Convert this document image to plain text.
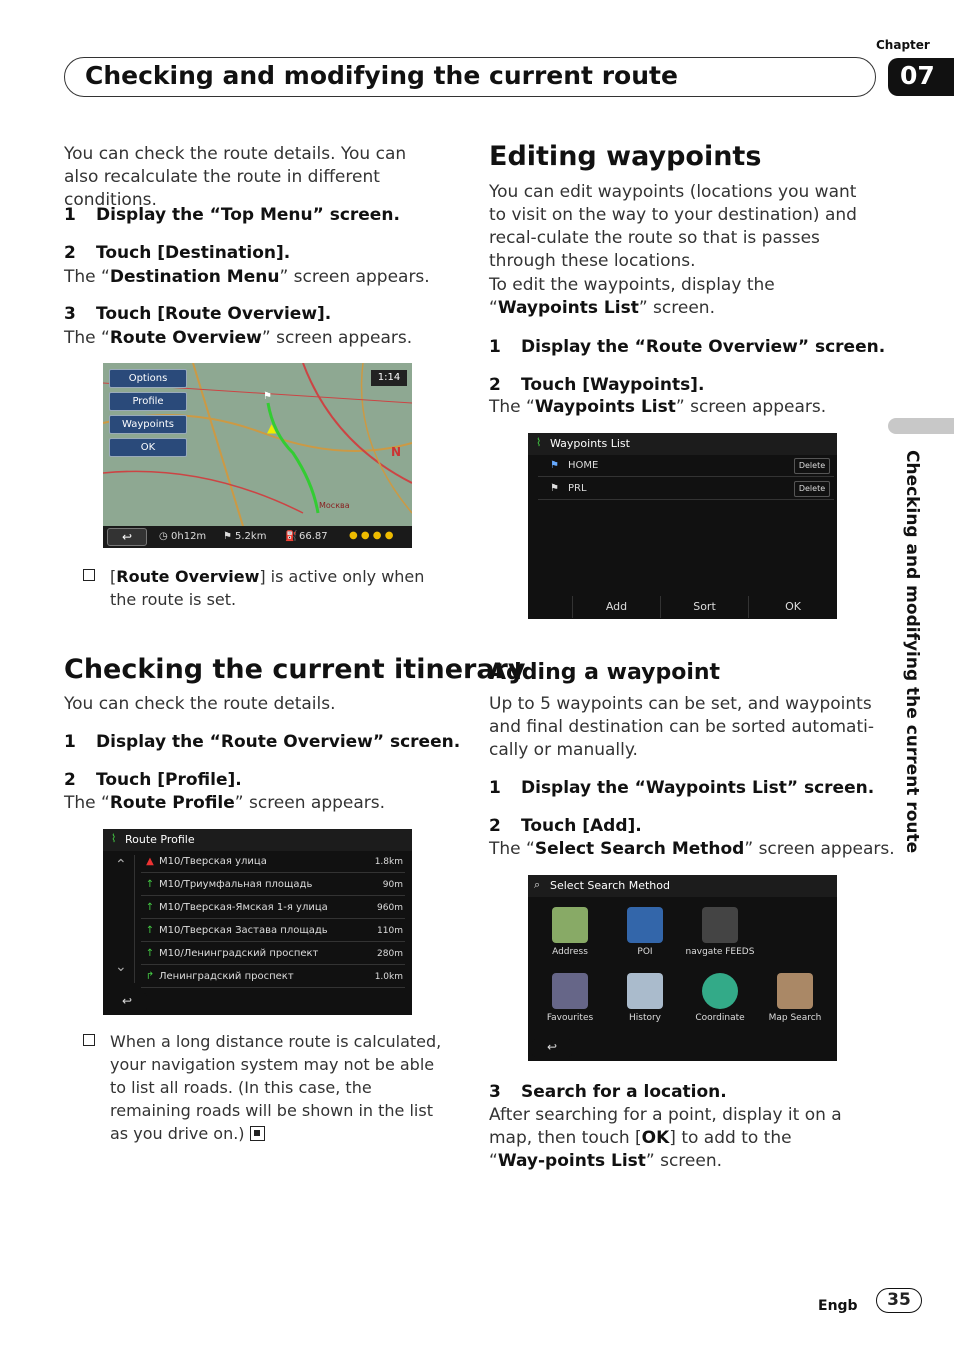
Chapter
07
Checking and modifying the current route
Checking and modifying the current route
You can check the route details. You can also recalculate the route in different conditions.
1 Display the “Top Menu” screen.
2 Touch [Destination].
The “Destination Menu” screen appears.
3 Touch [Route Overview].
The “Route Overview” screen appears.
Москва
N
⚑
▲
Options
Profile
Waypoints
OK
1:14
↩	◷ 0h12m ⚑ 5.2km ⛽ 66.87 ● ● ● ●
[Route Overview] is active only when the route is set.
Checking the current itinerary
You can check the route details.
1 Display the “Route Overview” screen.
2 Touch [Profile].
The “Route Profile” screen appears.
⌇ Route Profile
⌃
⌄
▲ M10/Тверская улица	1.8km
↑ M10/Триумфальная площадь	90m
↑ M10/Тверская-Ямская 1-я улица	960m
↑ M10/Тверская Застава площадь	110m
↑ M10/Ленинградский проспект	280m
↱ Ленинградский проспект	1.0km
↩
When a long distance route is calculated, your navigation system may not be able to list all roads. (In this case, the remaining roads will be shown in the list as you drive on.)
Editing waypoints
You can edit waypoints (locations you want to visit on the way to your destination) and recal-culate the route so that is passes through these locations.
To edit the waypoints, display the “Waypoints List” screen.
1 Display the “Route Overview” screen.
2 Touch [Waypoints].
The “Waypoints List” screen appears.
⌇ Waypoints List
⚑ HOME	Delete
⚑ PRL	Delete
Add	Sort	OK
Adding a waypoint
Up to 5 waypoints can be set, and waypoints and final destination can be sorted automati-cally or manually.
1 Display the “Waypoints List” screen.
2 Touch [Add].
The “Select Search Method” screen appears.
⌕ Select Search Method
Address	POI	navgate FEEDS
Favourites	History	Coordinate	Map Search
↩
3 Search for a location.
After searching for a point, display it on a map, then touch [OK] to add to the “Way-points List” screen.
Engb	35
